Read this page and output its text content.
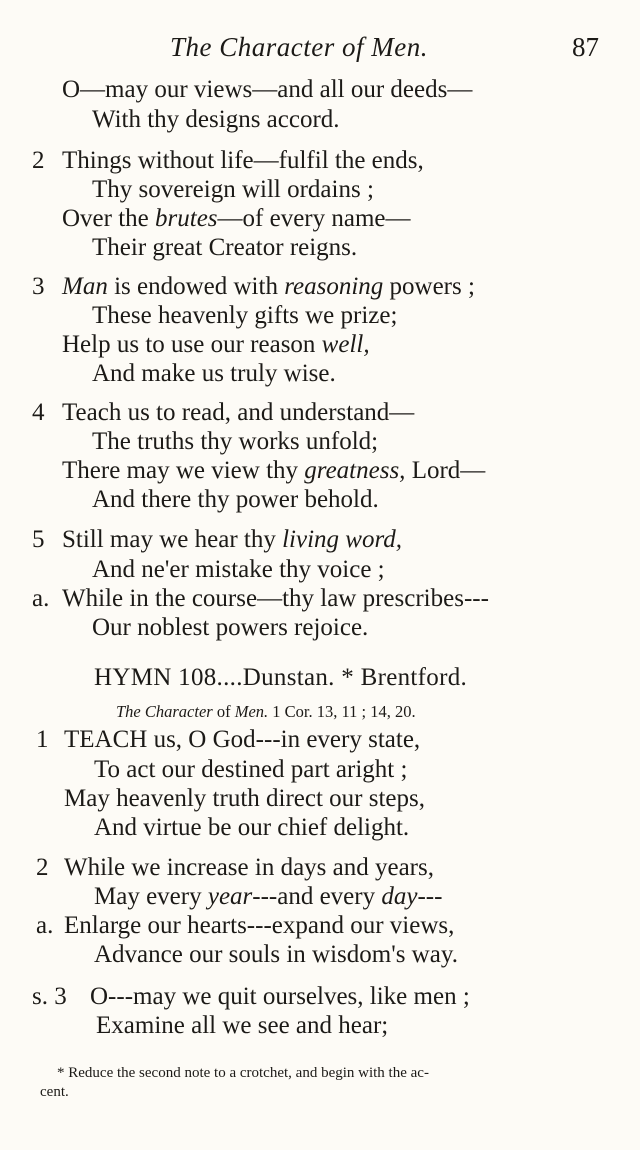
The Character of Men.	87
O—may our views—and all our deeds—
With thy designs accord.
2 Things without life—fulfil the ends,
Thy sovereign will ordains ;
Over the brutes—of every name—
Their great Creator reigns.
3 Man is endowed with reasoning powers ;
These heavenly gifts we prize;
Help us to use our reason well,
And make us truly wise.
4 Teach us to read, and understand—
The truths thy works unfold;
There may we view thy greatness, Lord—
And there thy power behold.
5 Still may we hear thy living word,
And ne'er mistake thy voice ;
a. While in the course—thy law prescribes---
Our noblest powers rejoice.
HYMN 108....Dunstan. * Brentford.
The Character of Men. 1 Cor. 13, 11 ; 14, 20.
1 TEACH us, O God---in every state,
To act our destined part aright ;
May heavenly truth direct our steps,
And virtue be our chief delight.
2 While we increase in days and years,
May every year---and every day---
a. Enlarge our hearts---expand our views,
Advance our souls in wisdom's way.
s. 3 O---may we quit ourselves, like men ;
Examine all we see and hear;
* Reduce the second note to a crotchet, and begin with the ac-
cent.
